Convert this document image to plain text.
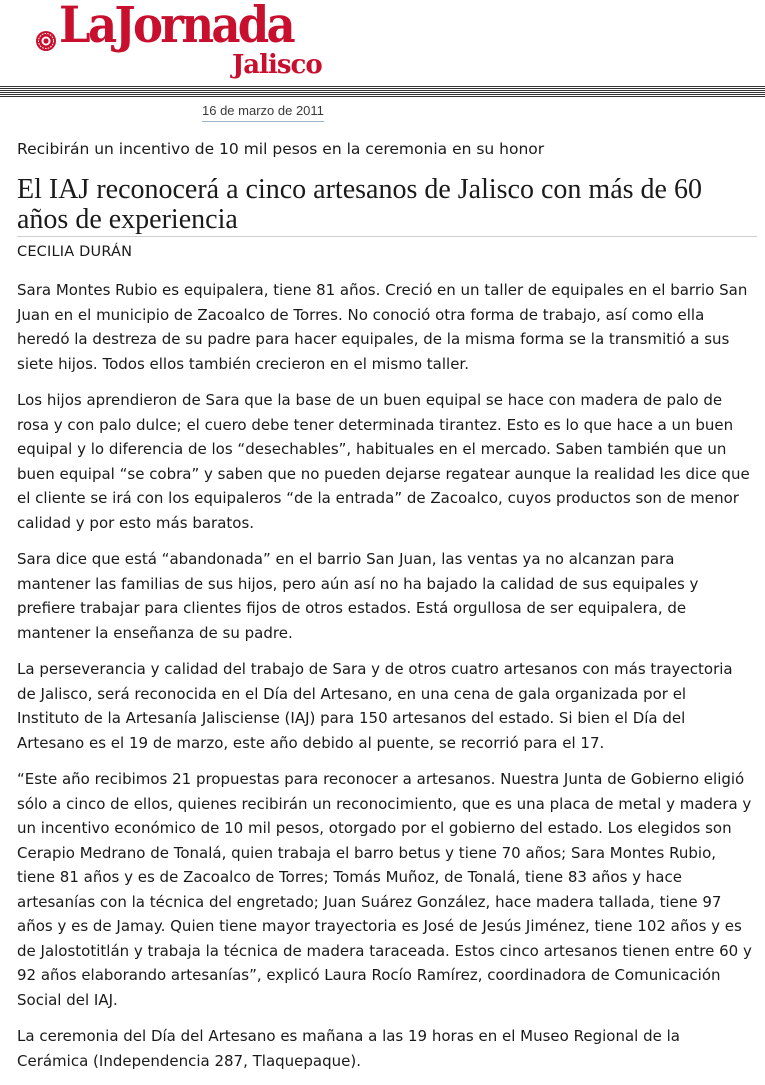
LaJornada
Jalisco
16 de marzo de 2011
Recibirán un incentivo de 10 mil pesos en la ceremonia en su honor
El IAJ reconocerá a cinco artesanos de Jalisco con más de 60 años de experiencia
CECILIA DURÁN

Sara Montes Rubio es equipalera, tiene 81 años. Creció en un taller de equipales en el barrio San Juan en el municipio de Zacoalco de Torres. No conoció otra forma de trabajo, así como ella heredó la destreza de su padre para hacer equipales, de la misma forma se la transmitió a sus siete hijos. Todos ellos también crecieron en el mismo taller.

Los hijos aprendieron de Sara que la base de un buen equipal se hace con madera de palo de rosa y con palo dulce; el cuero debe tener determinada tirantez. Esto es lo que hace a un buen equipal y lo diferencia de los “desechables”, habituales en el mercado. Saben también que un buen equipal “se cobra” y saben que no pueden dejarse regatear aunque la realidad les dice que el cliente se irá con los equipaleros “de la entrada” de Zacoalco, cuyos productos son de menor calidad y por esto más baratos.

Sara dice que está “abandonada” en el barrio San Juan, las ventas ya no alcanzan para mantener las familias de sus hijos, pero aún así no ha bajado la calidad de sus equipales y prefiere trabajar para clientes fijos de otros estados. Está orgullosa de ser equipalera, de mantener la enseñanza de su padre.

La perseverancia y calidad del trabajo de Sara y de otros cuatro artesanos con más trayectoria de Jalisco, será reconocida en el Día del Artesano, en una cena de gala organizada por el Instituto de la Artesanía Jalisciense (IAJ) para 150 artesanos del estado. Si bien el Día del Artesano es el 19 de marzo, este año debido al puente, se recorrió para el 17.

“Este año recibimos 21 propuestas para reconocer a artesanos. Nuestra Junta de Gobierno eligió sólo a cinco de ellos, quienes recibirán un reconocimiento, que es una placa de metal y madera y un incentivo económico de 10 mil pesos, otorgado por el gobierno del estado. Los elegidos son Cerapio Medrano de Tonalá, quien trabaja el barro betus y tiene 70 años; Sara Montes Rubio, tiene 81 años y es de Zacoalco de Torres; Tomás Muñoz, de Tonalá, tiene 83 años y hace artesanías con la técnica del engretado; Juan Suárez González, hace madera tallada, tiene 97 años y es de Jamay. Quien tiene mayor trayectoria es José de Jesús Jiménez, tiene 102 años y es de Jalostotitlán y trabaja la técnica de madera taraceada. Estos cinco artesanos tienen entre 60 y 92 años elaborando artesanías”, explicó Laura Rocío Ramírez, coordinadora de Comunicación Social del IAJ.

La ceremonia del Día del Artesano es mañana a las 19 horas en el Museo Regional de la Cerámica (Independencia 287, Tlaquepaque).
